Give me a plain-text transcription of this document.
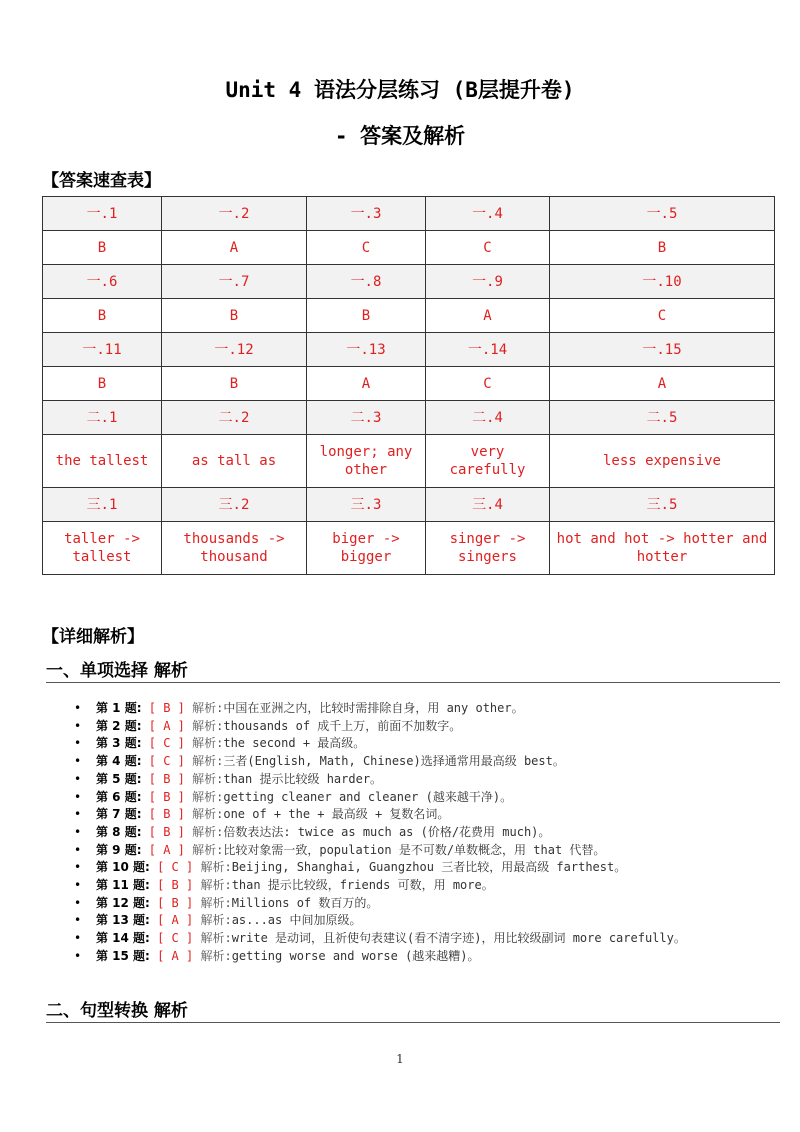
Unit 4 语法分层练习 (B层提升卷)
- 答案及解析
【答案速查表】
一.1	一.2	一.3	一.4	一.5
B	A	C	C	B
一.6	一.7	一.8	一.9	一.10
B	B	B	A	C
一.11	一.12	一.13	一.14	一.15
B	B	A	C	A
二.1	二.2	二.3	二.4	二.5
the tallest	as tall as	longer; any other	very carefully	less expensive
三.1	三.2	三.3	三.4	三.5
taller -> tallest	thousands -> thousand	biger -> bigger	singer -> singers	hot and hot -> hotter and hotter
【详细解析】
一、单项选择 解析
• 第 1 题: [ B ] 解析:中国在亚洲之内，比较时需排除自身，用 any other。
• 第 2 题: [ A ] 解析:thousands of 成千上万，前面不加数字。
• 第 3 题: [ C ] 解析:the second + 最高级。
• 第 4 题: [ C ] 解析:三者(English, Math, Chinese)选择通常用最高级 best。
• 第 5 题: [ B ] 解析:than 提示比较级 harder。
• 第 6 题: [ B ] 解析:getting cleaner and cleaner (越来越干净)。
• 第 7 题: [ B ] 解析:one of + the + 最高级 + 复数名词。
• 第 8 题: [ B ] 解析:倍数表达法: twice as much as (价格/花费用 much)。
• 第 9 题: [ A ] 解析:比较对象需一致，population 是不可数/单数概念，用 that 代替。
• 第 10 题: [ C ] 解析:Beijing, Shanghai, Guangzhou 三者比较，用最高级 farthest。
• 第 11 题: [ B ] 解析:than 提示比较级，friends 可数，用 more。
• 第 12 题: [ B ] 解析:Millions of 数百万的。
• 第 13 题: [ A ] 解析:as...as 中间加原级。
• 第 14 题: [ C ] 解析:write 是动词，且祈使句表建议(看不清字迹)，用比较级副词 more carefully。
• 第 15 题: [ A ] 解析:getting worse and worse (越来越糟)。
二、句型转换 解析
1
